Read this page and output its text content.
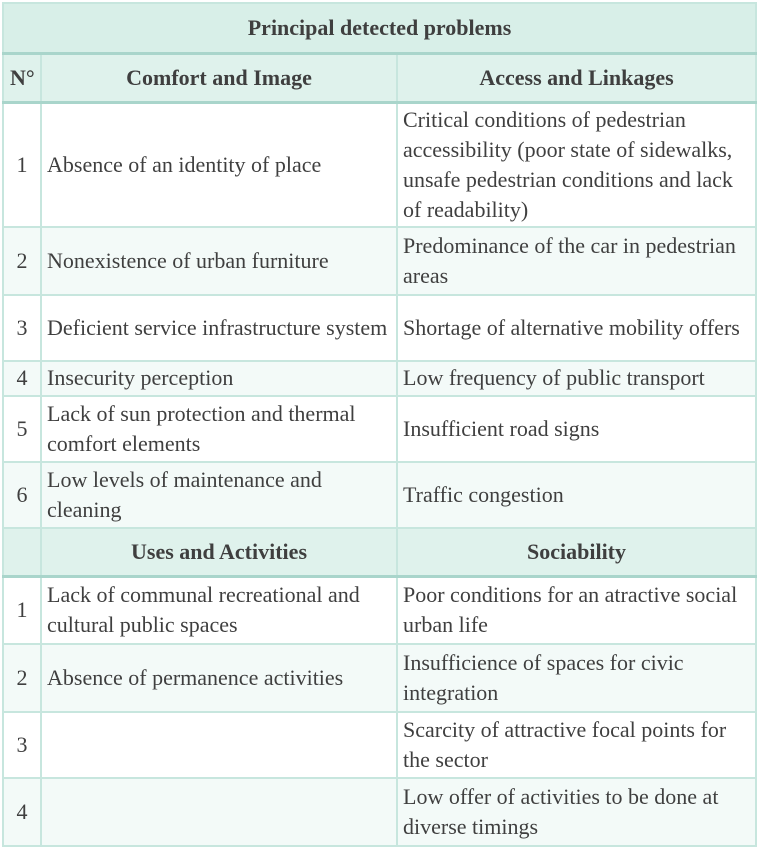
Principal detected problems		
N°	Comfort and Image	Access and Linkages
1	Absence of an identity of place	Critical conditions of pedestrian accessibility (poor state of sidewalks, unsafe pedestrian conditions and lack of readability)
2	Nonexistence of urban furniture	Predominance of the car in pedestrian areas
3	Deficient service infrastructure system	Shortage of alternative mobility offers
4	Insecurity perception	Low frequency of public transport
5	Lack of sun protection and thermal comfort elements	Insufficient road signs
6	Low levels of maintenance and cleaning	Traffic congestion
	Uses and Activities	Sociability
1	Lack of communal recreational and cultural public spaces	Poor conditions for an atractive social urban life
2	Absence of permanence activities	Insufficience of spaces for civic integration
3		Scarcity of attractive focal points for the sector
4		Low offer of activities to be done at diverse timings
